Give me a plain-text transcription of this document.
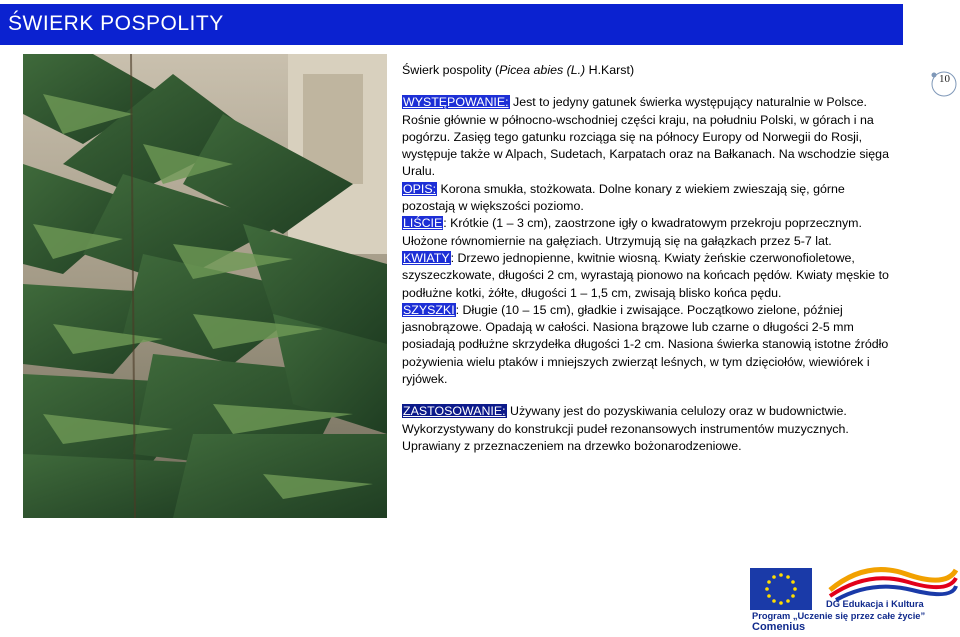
ŚWIERK POSPOLITY
10

Świerk pospolity (Picea abies (L.) H.Karst)

WYSTĘPOWANIE: Jest to jedyny gatunek świerka występujący naturalnie w Polsce. Rośnie głównie w północno-wschodniej części kraju, na południu Polski, w górach i na pogórzu. Zasięg tego gatunku rozciąga się na północy Europy od Norwegii do Rosji, występuje także w Alpach, Sudetach, Karpatach oraz na Bałkanach. Na wschodzie sięga Uralu.

OPIS: Korona smukła, stożkowata. Dolne konary z wiekiem zwieszają się, górne pozostają w większości poziomo.

LIŚCIE: Krótkie (1 – 3 cm), zaostrzone igły o kwadratowym przekroju poprzecznym. Ułożone równomiernie na gałęziach. Utrzymują się na gałązkach przez 5-7 lat.

KWIATY: Drzewo jednopienne, kwitnie wiosną. Kwiaty żeńskie czerwonofioletowe, szyszeczkowate, długości 2 cm, wyrastają pionowo na końcach pędów. Kwiaty męskie to podłużne kotki, żółte, długości 1 – 1,5 cm, zwisają blisko końca pędu.

SZYSZKI: Długie (10 – 15 cm), gładkie i zwisające. Początkowo zielone, później jasnobrązowe. Opadają w całości. Nasiona brązowe lub czarne o długości 2-5 mm posiadają podłużne skrzydełka długości 1-2 cm. Nasiona świerka stanowią istotne źródło pożywienia wielu ptaków i mniejszych zwierząt leśnych, w tym dzięciołów, wiewiórek i ryjówek.

ZASTOSOWANIE: Używany jest do pozyskiwania celulozy oraz w budownictwie. Wykorzystywany do konstrukcji pudeł rezonansowych instrumentów muzycznych. Uprawiany z przeznaczeniem na drzewko bożonarodzeniowe.

DG Edukacja i Kultura
Program „Uczenie się przez całe życie”
Comenius
